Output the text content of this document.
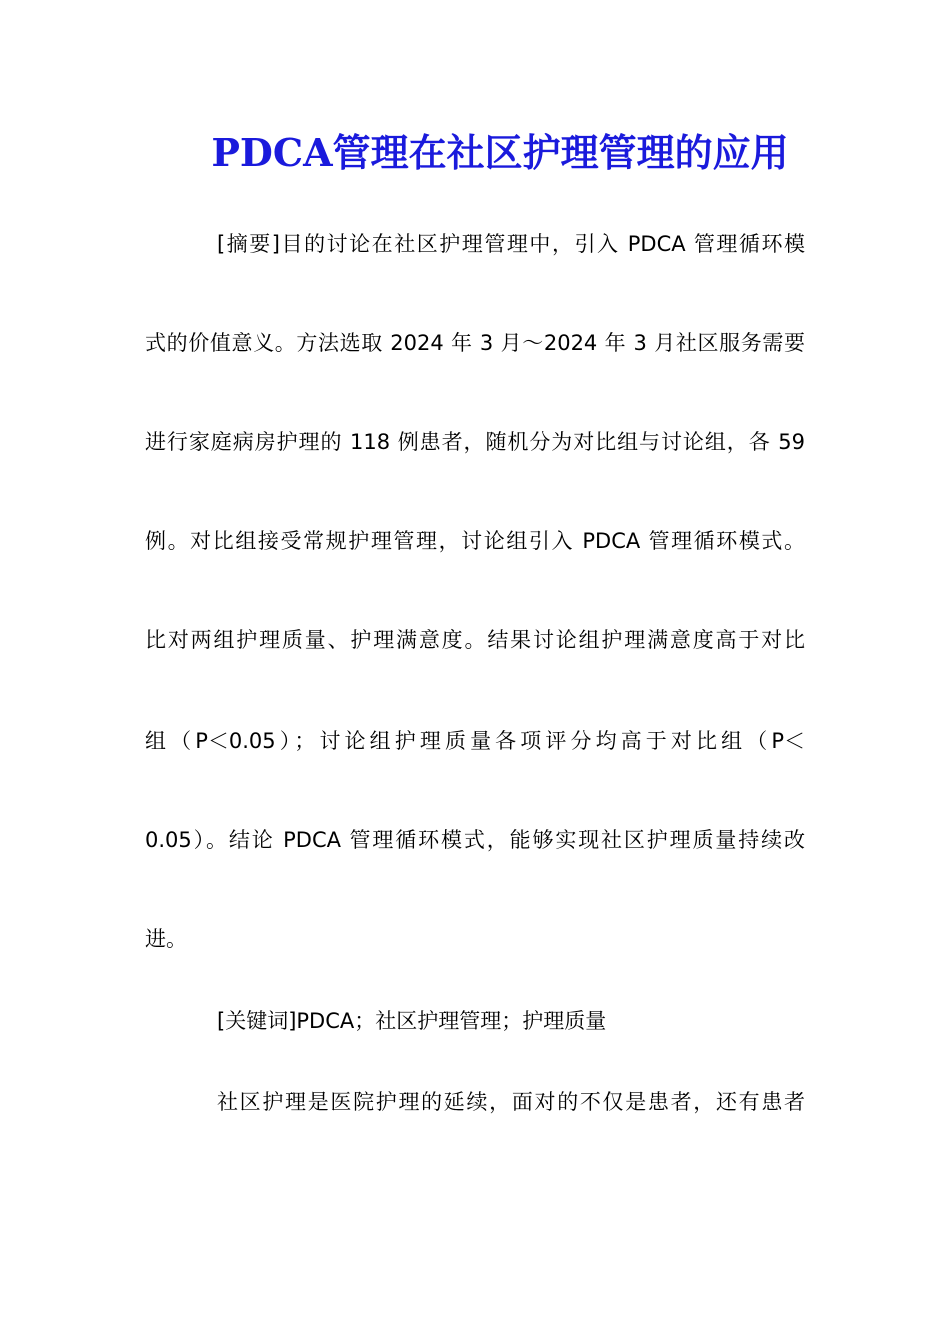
PDCA管理在社区护理管理的应用
[摘要]目的讨论在社区护理管理中，引入 PDCA 管理循环模
式的价值意义。方法选取 2024 年 3 月～2024 年 3 月社区服务需要
进行家庭病房护理的 118 例患者，随机分为对比组与讨论组，各 59
例。对比组接受常规护理管理，讨论组引入 PDCA 管理循环模式。
比对两组护理质量、护理满意度。结果讨论组护理满意度高于对比
组（P＜0.05）；讨论组护理质量各项评分均高于对比组（P＜
0.05）。结论 PDCA 管理循环模式，能够实现社区护理质量持续改
进。
[关键词]PDCA；社区护理管理；护理质量
社区护理是医院护理的延续，面对的不仅是患者，还有患者
